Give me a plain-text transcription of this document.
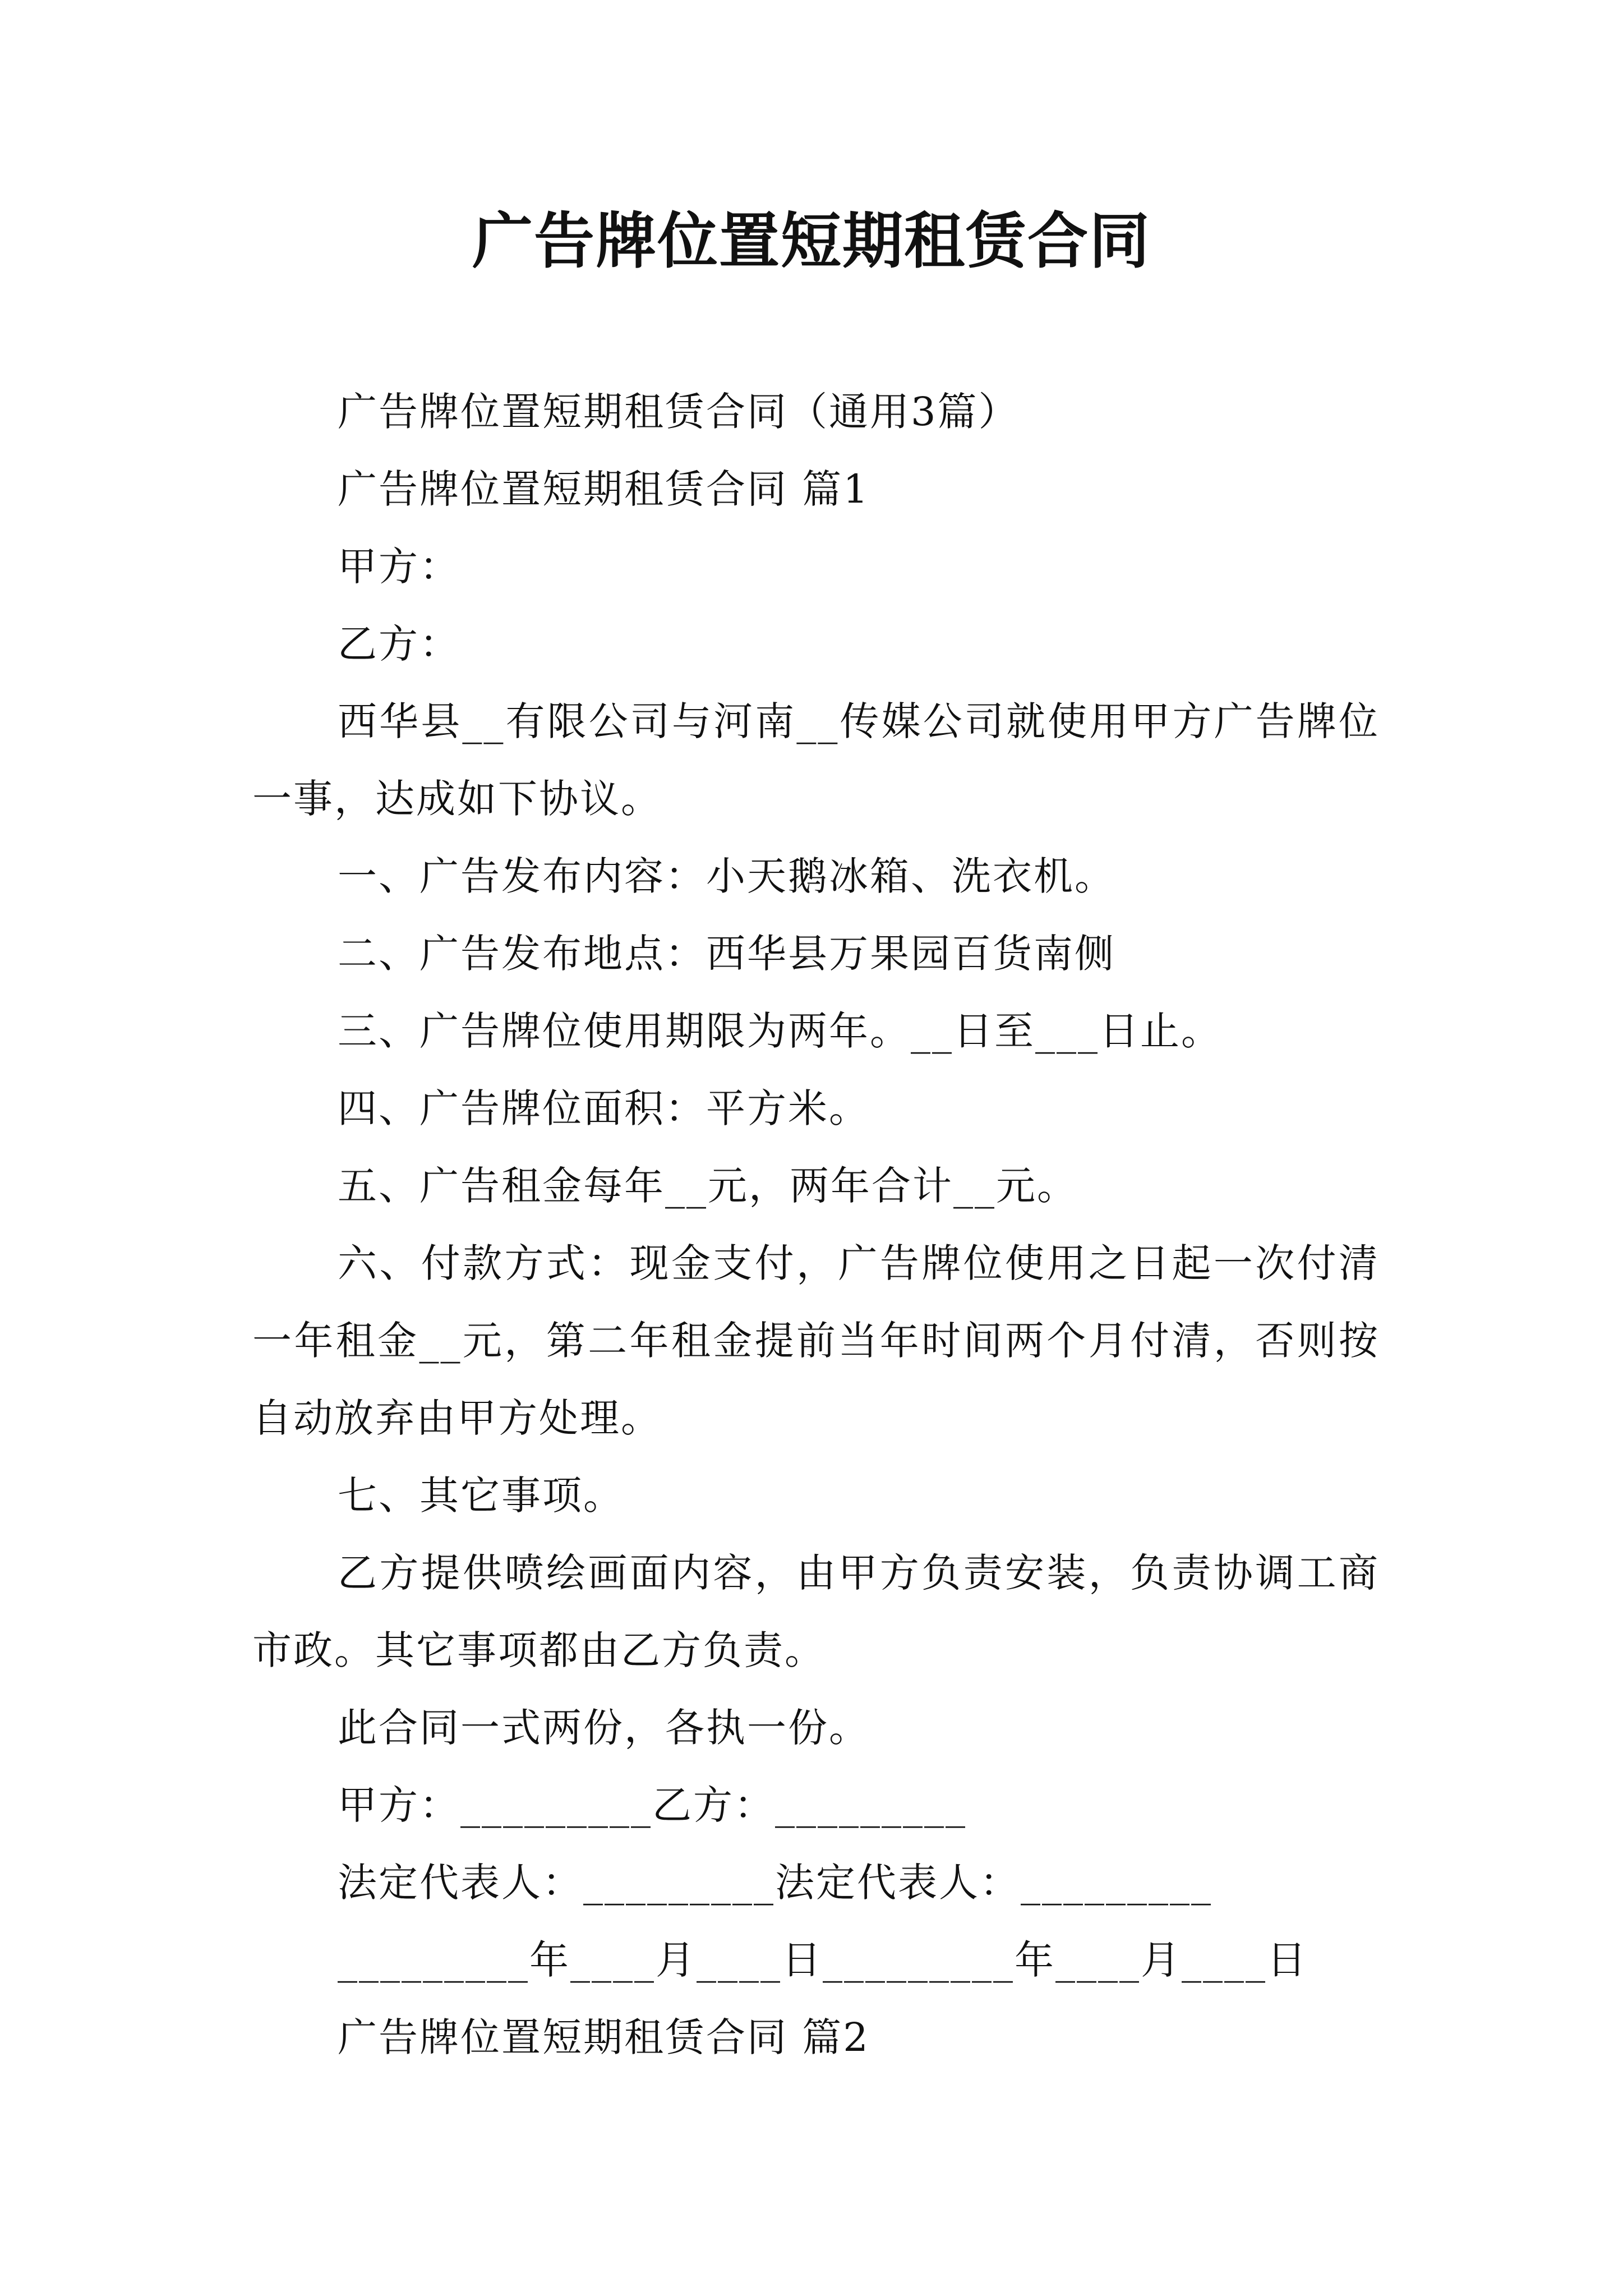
广告牌位置短期租赁合同

广告牌位置短期租赁合同（通用3篇）

广告牌位置短期租赁合同 篇1

甲方：

乙方：

西华县__有限公司与河南__传媒公司就使用甲方广告牌位一事，达成如下协议。

一、广告发布内容：小天鹅冰箱、洗衣机。

二、广告发布地点：西华县万果园百货南侧

三、广告牌位使用期限为两年。__日至___日止。

四、广告牌位面积：平方米。

五、广告租金每年__元，两年合计__元。

六、付款方式：现金支付，广告牌位使用之日起一次付清一年租金__元，第二年租金提前当年时间两个月付清，否则按自动放弃由甲方处理。

七、其它事项。

乙方提供喷绘画面内容，由甲方负责安装，负责协调工商市政。其它事项都由乙方负责。

此合同一式两份，各执一份。

甲方：_________乙方：_________

法定代表人：_________法定代表人：_________

_________年____月____日_________年____月____日

广告牌位置短期租赁合同 篇2
